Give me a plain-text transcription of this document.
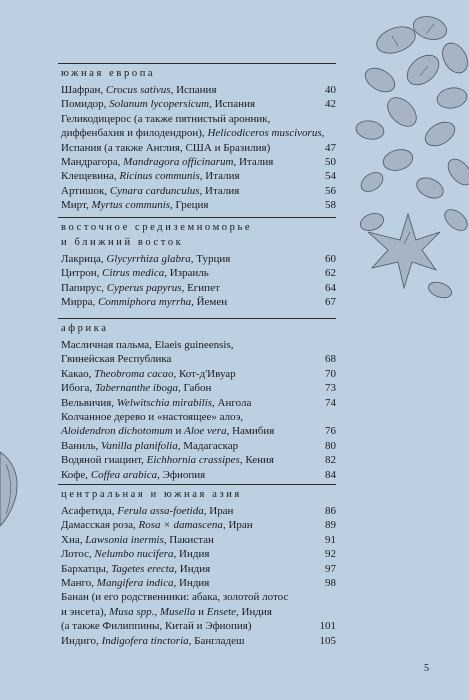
южная европа
Шафран, Crocus sativus, Испания	40
Помидор, Solanum lycopersicum, Испания	42
Геликодицерос (а также пятнистый аронник,
диффенбахия и филодендрон), Helicodiceros muscivorus,
Испания (а также Англия, США и Бразилия)	47
Мандрагора, Mandragora officinarum, Италия	50
Клещевина, Ricinus communis, Италия	54
Артишок, Cynara cardunculus, Италия	56
Мирт, Myrtus communis, Греция	58
восточное средиземноморье
и ближний восток
Лакрица, Glycyrrhiza glabra, Турция	60
Цитрон, Citrus medica, Израиль	62
Папирус, Cyperus papyrus, Египет	64
Мирра, Commiphora myrrha, Йемен	67
африка
Масличная пальма, Elaeis guineensis,
Гвинейская Республика	68
Какао, Theobroma cacao, Кот-д'Ивуар	70
Ибога, Tabernanthe iboga, Габон	73
Вельвичия, Welwitschia mirabilis, Ангола	74
Колчанное дерево и «настоящее» алоэ,
Aloidendron dichotomum и Aloe vera, Намибия	76
Ваниль, Vanilla planifolia, Мадагаскар	80
Водяной гиацинт, Eichhornia crassipes, Кения	82
Кофе, Coffea arabica, Эфиопия	84
центральная и южная азия
Асафетида, Ferula assa-foetida, Иран	86
Дамасская роза, Rosa × damascena, Иран	89
Хна, Lawsonia inermis, Пакистан	91
Лотос, Nelumbo nucifera, Индия	92
Бархатцы, Tagetes erecta, Индия	97
Манго, Mangifera indica, Индия	98
Банан (и его родственники: абака, золотой лотос
и энсета), Musa spp., Musella и Ensete, Индия
(а также Филиппины, Китай и Эфиопия)	101
Индиго, Indigofera tinctoria, Бангладеш	105
5
